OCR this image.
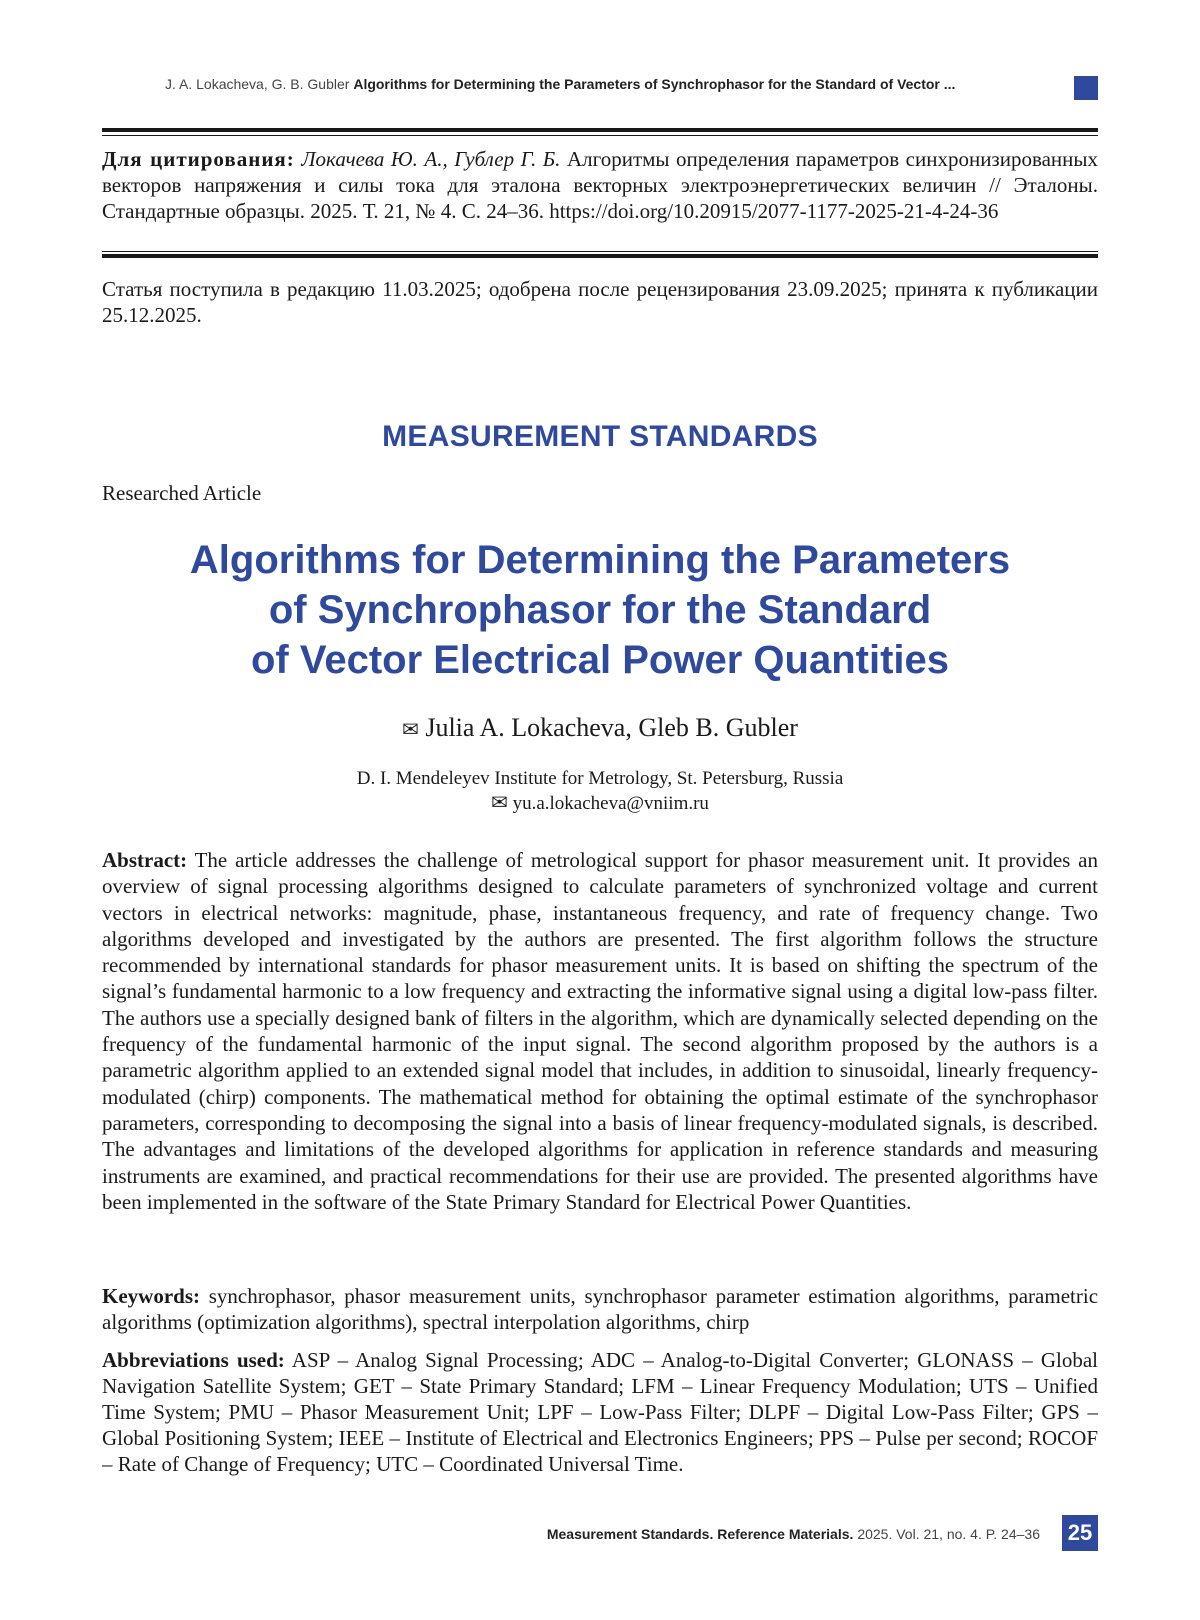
J. A. Lokacheva, G. B. Gubler Algorithms for Determining the Parameters of Synchrophasor for the Standard of Vector ...
Для цитирования: Локачева Ю. А., Гублер Г. Б. Алгоритмы определения параметров синхронизированных векторов напряжения и силы тока для эталона векторных электроэнергетических величин // Эталоны. Стандартные образцы. 2025. Т. 21, № 4. С. 24–36. https://doi.org/10.20915/2077-1177-2025-21-4-24-36
Статья поступила в редакцию 11.03.2025; одобрена после рецензирования 23.09.2025; принята к публикации 25.12.2025.
MEASUREMENT STANDARDS
Researched Article
Algorithms for Determining the Parameters
of Synchrophasor for the Standard
of Vector Electrical Power Quantities
✉ Julia A. Lokacheva, Gleb B. Gubler
D. I. Mendeleyev Institute for Metrology, St. Petersburg, Russia
✉ yu.a.lokacheva@vniim.ru
Abstract: The article addresses the challenge of metrological support for phasor measurement unit. It provides an overview of signal processing algorithms designed to calculate parameters of synchronized voltage and current vectors in electrical networks: magnitude, phase, instantaneous frequency, and rate of frequency change. Two algorithms developed and investigated by the authors are presented. The first algorithm follows the structure recommended by international standards for phasor measurement units. It is based on shifting the spectrum of the signal’s fundamental harmonic to a low frequency and extracting the informative signal using a digital low-pass filter. The authors use a specially designed bank of filters in the algorithm, which are dynamically selected depending on the frequency of the fundamental harmonic of the input signal. The second algorithm proposed by the authors is a parametric algorithm applied to an extended signal model that includes, in addition to sinusoidal, linearly frequency-modulated (chirp) components. The mathematical method for obtaining the optimal estimate of the synchrophasor parameters, corresponding to decomposing the signal into a basis of linear frequency-modulated signals, is described. The advantages and limitations of the developed algorithms for application in reference standards and measuring instruments are examined, and practical recommendations for their use are provided. The presented algorithms have been implemented in the software of the State Primary Standard for Electrical Power Quantities.
Keywords: synchrophasor, phasor measurement units, synchrophasor parameter estimation algorithms, parametric algorithms (optimization algorithms), spectral interpolation algorithms, chirp
Abbreviations used: ASP – Analog Signal Processing; ADC – Analog-to-Digital Converter; GLONASS – Global Navigation Satellite System; GET – State Primary Standard; LFM – Linear Frequency Modulation; UTS – Unified Time System; PMU – Phasor Measurement Unit; LPF – Low-Pass Filter; DLPF – Digital Low-Pass Filter; GPS – Global Positioning System; IEEE – Institute of Electrical and Electronics Engineers; PPS – Pulse per second; ROCOF – Rate of Change of Frequency; UTC – Coordinated Universal Time.
Measurement Standards. Reference Materials. 2025. Vol. 21, no. 4. P. 24–36 25
